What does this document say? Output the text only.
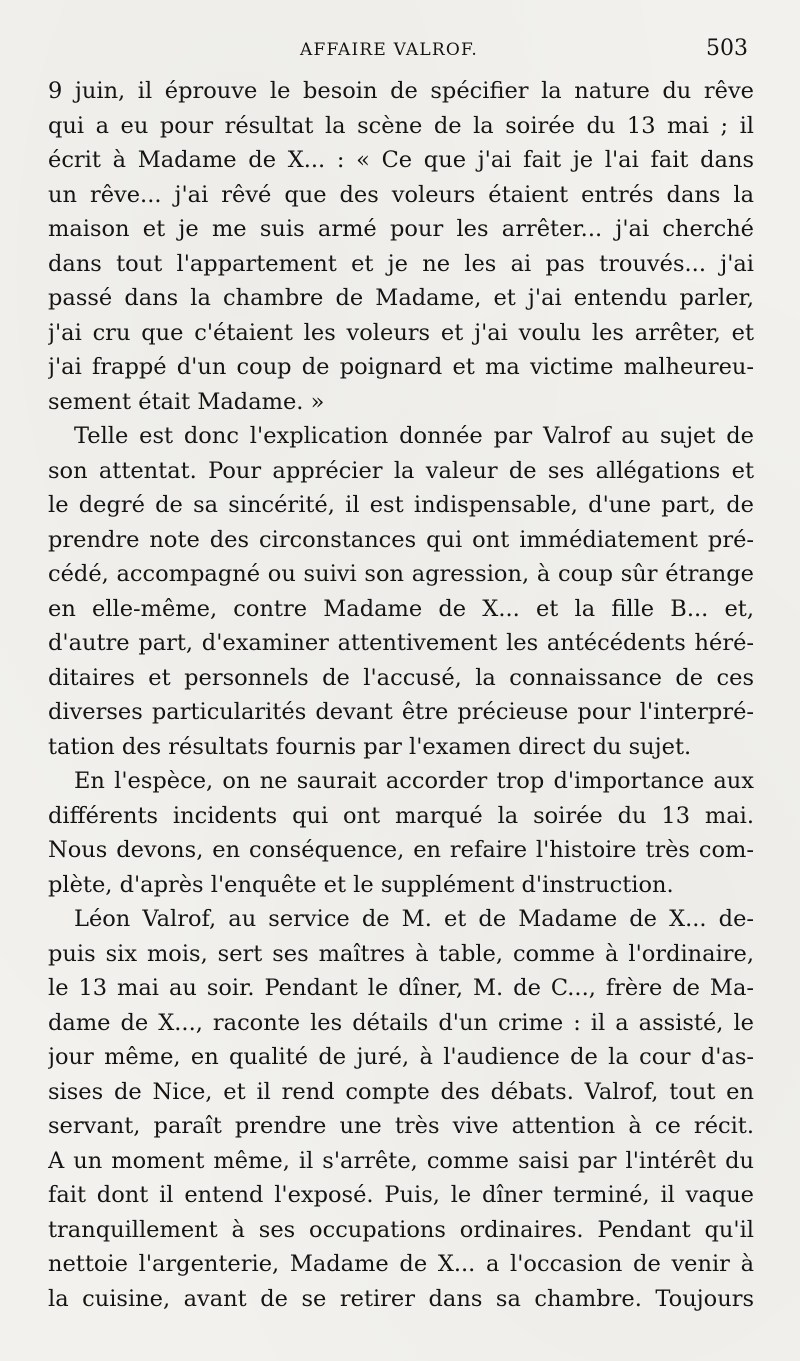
AFFAIRE VALROF.	503
9 juin, il éprouve le besoin de spécifier la nature du rêve
qui a eu pour résultat la scène de la soirée du 13 mai ; il
écrit à Madame de X... : « Ce que j'ai fait je l'ai fait dans
un rêve... j'ai rêvé que des voleurs étaient entrés dans la
maison et je me suis armé pour les arrêter... j'ai cherché
dans tout l'appartement et je ne les ai pas trouvés... j'ai
passé dans la chambre de Madame, et j'ai entendu parler,
j'ai cru que c'étaient les voleurs et j'ai voulu les arrêter, et
j'ai frappé d'un coup de poignard et ma victime malheureu-
sement était Madame. »
Telle est donc l'explication donnée par Valrof au sujet de
son attentat. Pour apprécier la valeur de ses allégations et
le degré de sa sincérité, il est indispensable, d'une part, de
prendre note des circonstances qui ont immédiatement pré-
cédé, accompagné ou suivi son agression, à coup sûr étrange
en elle-même, contre Madame de X... et la fille B... et,
d'autre part, d'examiner attentivement les antécédents héré-
ditaires et personnels de l'accusé, la connaissance de ces
diverses particularités devant être précieuse pour l'interpré-
tation des résultats fournis par l'examen direct du sujet.
En l'espèce, on ne saurait accorder trop d'importance aux
différents incidents qui ont marqué la soirée du 13 mai.
Nous devons, en conséquence, en refaire l'histoire très com-
plète, d'après l'enquête et le supplément d'instruction.
Léon Valrof, au service de M. et de Madame de X... de-
puis six mois, sert ses maîtres à table, comme à l'ordinaire,
le 13 mai au soir. Pendant le dîner, M. de C..., frère de Ma-
dame de X..., raconte les détails d'un crime : il a assisté, le
jour même, en qualité de juré, à l'audience de la cour d'as-
sises de Nice, et il rend compte des débats. Valrof, tout en
servant, paraît prendre une très vive attention à ce récit.
A un moment même, il s'arrête, comme saisi par l'intérêt du
fait dont il entend l'exposé. Puis, le dîner terminé, il vaque
tranquillement à ses occupations ordinaires. Pendant qu'il
nettoie l'argenterie, Madame de X... a l'occasion de venir à
la cuisine, avant de se retirer dans sa chambre. Toujours
